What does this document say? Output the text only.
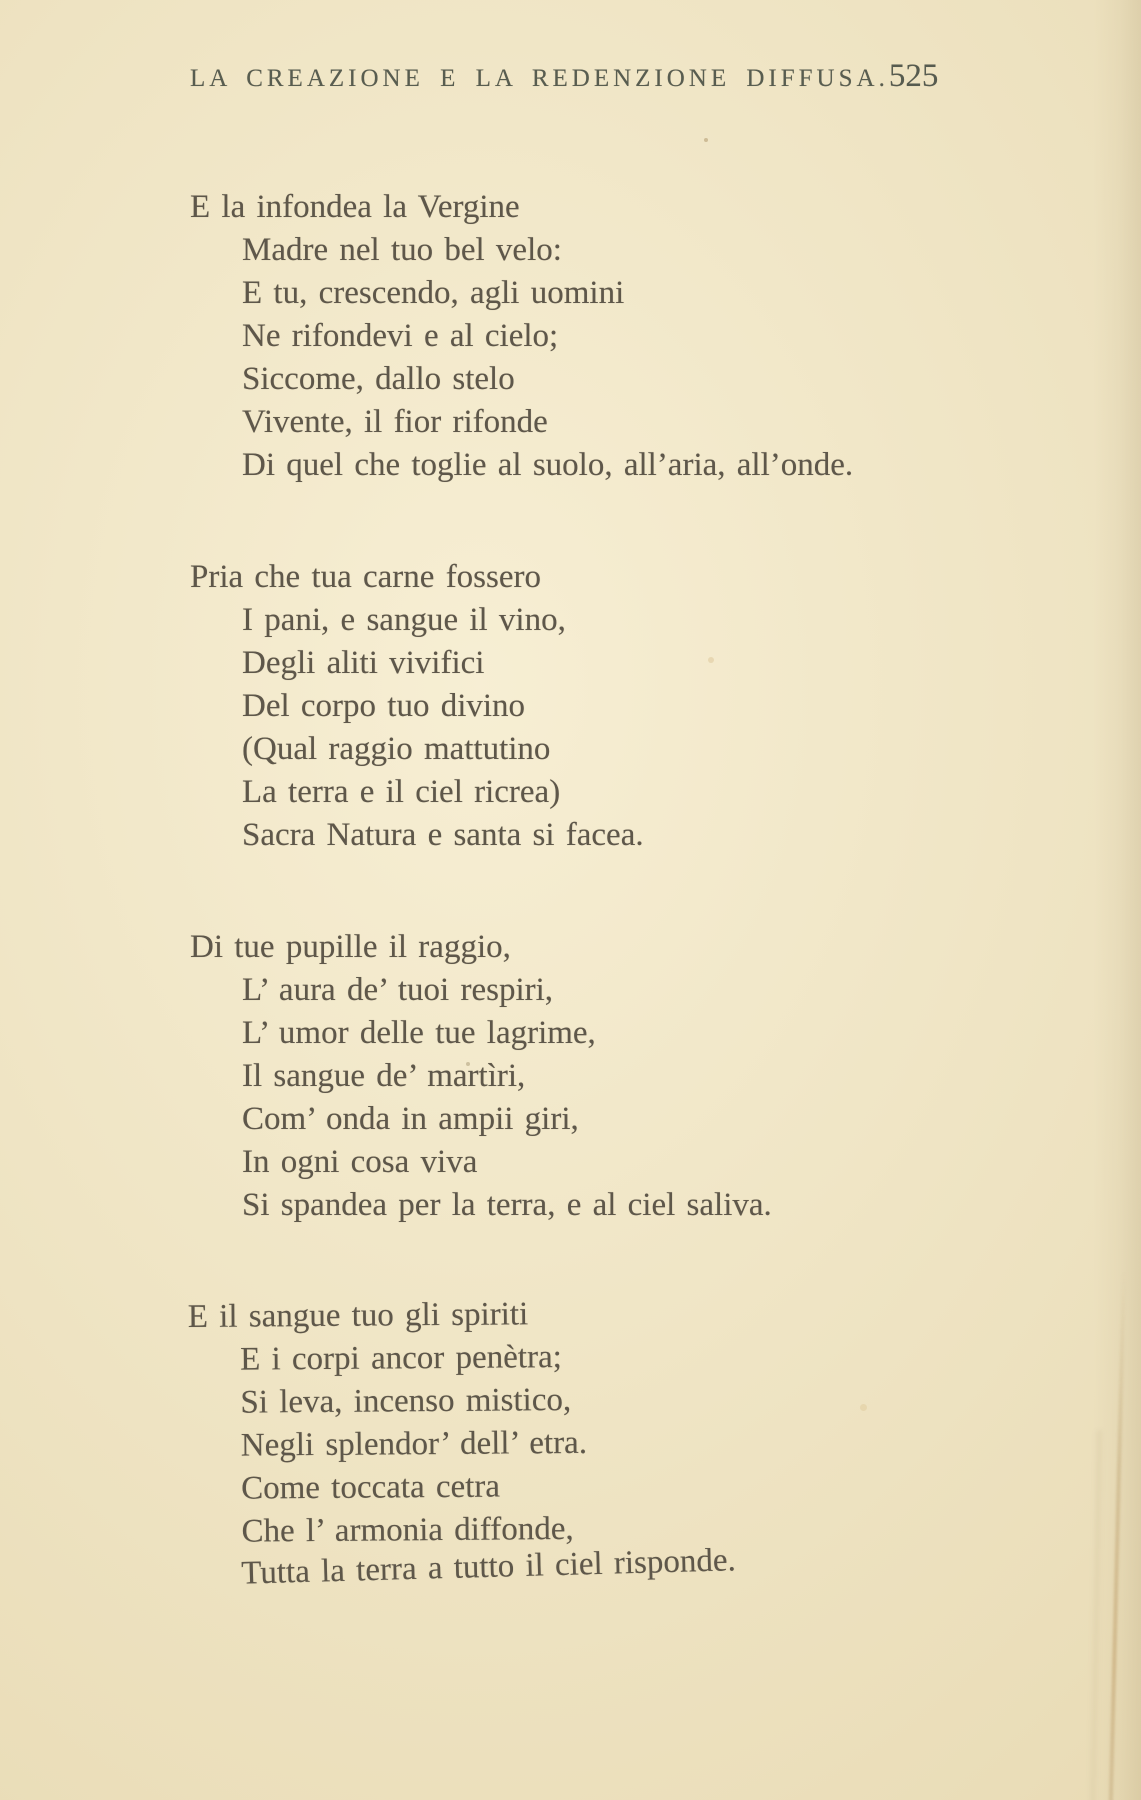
LA CREAZIONE E LA REDENZIONE DIFFUSA. 525
E la infondea la Vergine
Madre nel tuo bel velo:
E tu, crescendo, agli uomini
Ne rifondevi e al cielo;
Siccome, dallo stelo
Vivente, il fior rifonde
Di quel che toglie al suolo, all’aria, all’onde.
Pria che tua carne fossero
I pani, e sangue il vino,
Degli aliti vivifici
Del corpo tuo divino
(Qual raggio mattutino
La terra e il ciel ricrea)
Sacra Natura e santa si facea.
Di tue pupille il raggio,
L’ aura de’ tuoi respiri,
L’ umor delle tue lagrime,
Il sangue de’ martìri,
Com’ onda in ampii giri,
In ogni cosa viva
Si spandea per la terra, e al ciel saliva.
E il sangue tuo gli spiriti
E i corpi ancor penètra;
Si leva, incenso mistico,
Negli splendor’ dell’ etra.
Come toccata cetra
Che l’ armonia diffonde,
Tutta la terra a tutto il ciel risponde.
